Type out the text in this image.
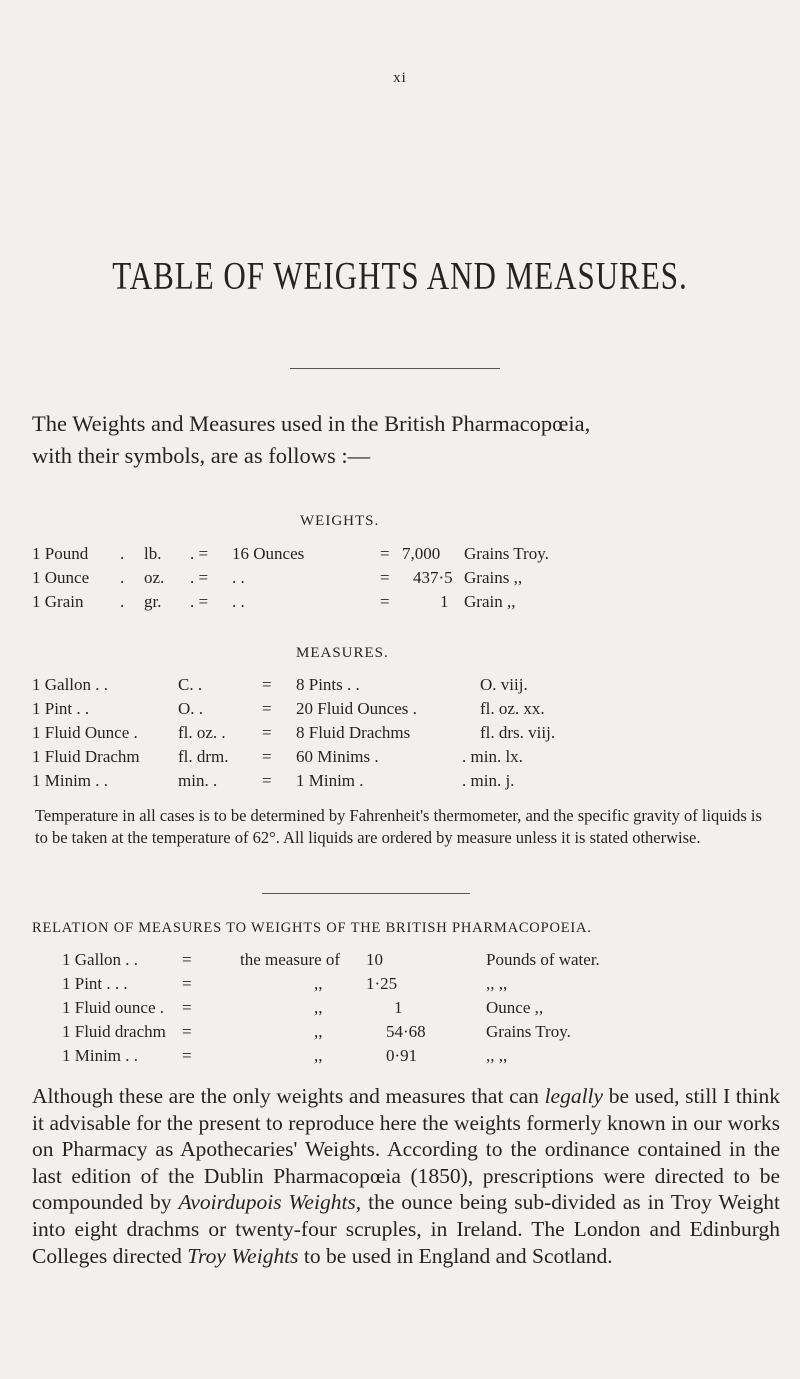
xi
TABLE OF WEIGHTS AND MEASURES.
The Weights and Measures used in the British Pharmacopœia,
with their symbols, are as follows :—
WEIGHTS.
1 Pound . lb. . = 16 Ounces	= 7,000 Grains Troy.
1 Ounce . oz. . = . .	= 437·5 Grains ,,
1 Grain . gr. . = . .	=	1 Grain ,,
MEASURES.
1 Gallon . .	C. .	= 8 Pints . .	O. viij.
1 Pint . .	O. .	= 20 Fluid Ounces .	fl. oz. xx.
1 Fluid Ounce . fl. oz. . = 8 Fluid Drachms	fl. drs. viij.
1 Fluid Drachm fl. drm. = 60 Minims .	. min. lx.
1 Minim . .	min. .	= 1 Minim .	. min. j.
Temperature in all cases is to be determined by Fahrenheit's thermometer, and the specific gravity of liquids is to be taken at the temperature of 62°. All liquids are ordered by measure unless it is stated otherwise.
RELATION OF MEASURES TO WEIGHTS OF THE BRITISH PHARMACOPOEIA.
1 Gallon . .	=	the measure of 10	Pounds of water.
1 Pint . . .	=	,,	1·25	,, ,,
1 Fluid ounce . =	,,	1	Ounce ,,
1 Fluid drachm =	,,	54·68	Grains Troy.
1 Minim . .	=	,,	0·91	,, ,,
Although these are the only weights and measures that can legally be used, still I think it advisable for the present to reproduce here the weights formerly known in our works on Pharmacy as Apothecaries' Weights. According to the ordinance contained in the last edition of the Dublin Pharmacopœia (1850), prescriptions were directed to be compounded by Avoirdupois Weights, the ounce being sub-divided as in Troy Weight into eight drachms or twenty-four scruples, in Ireland. The London and Edinburgh Colleges directed Troy Weights to be used in England and Scotland.
